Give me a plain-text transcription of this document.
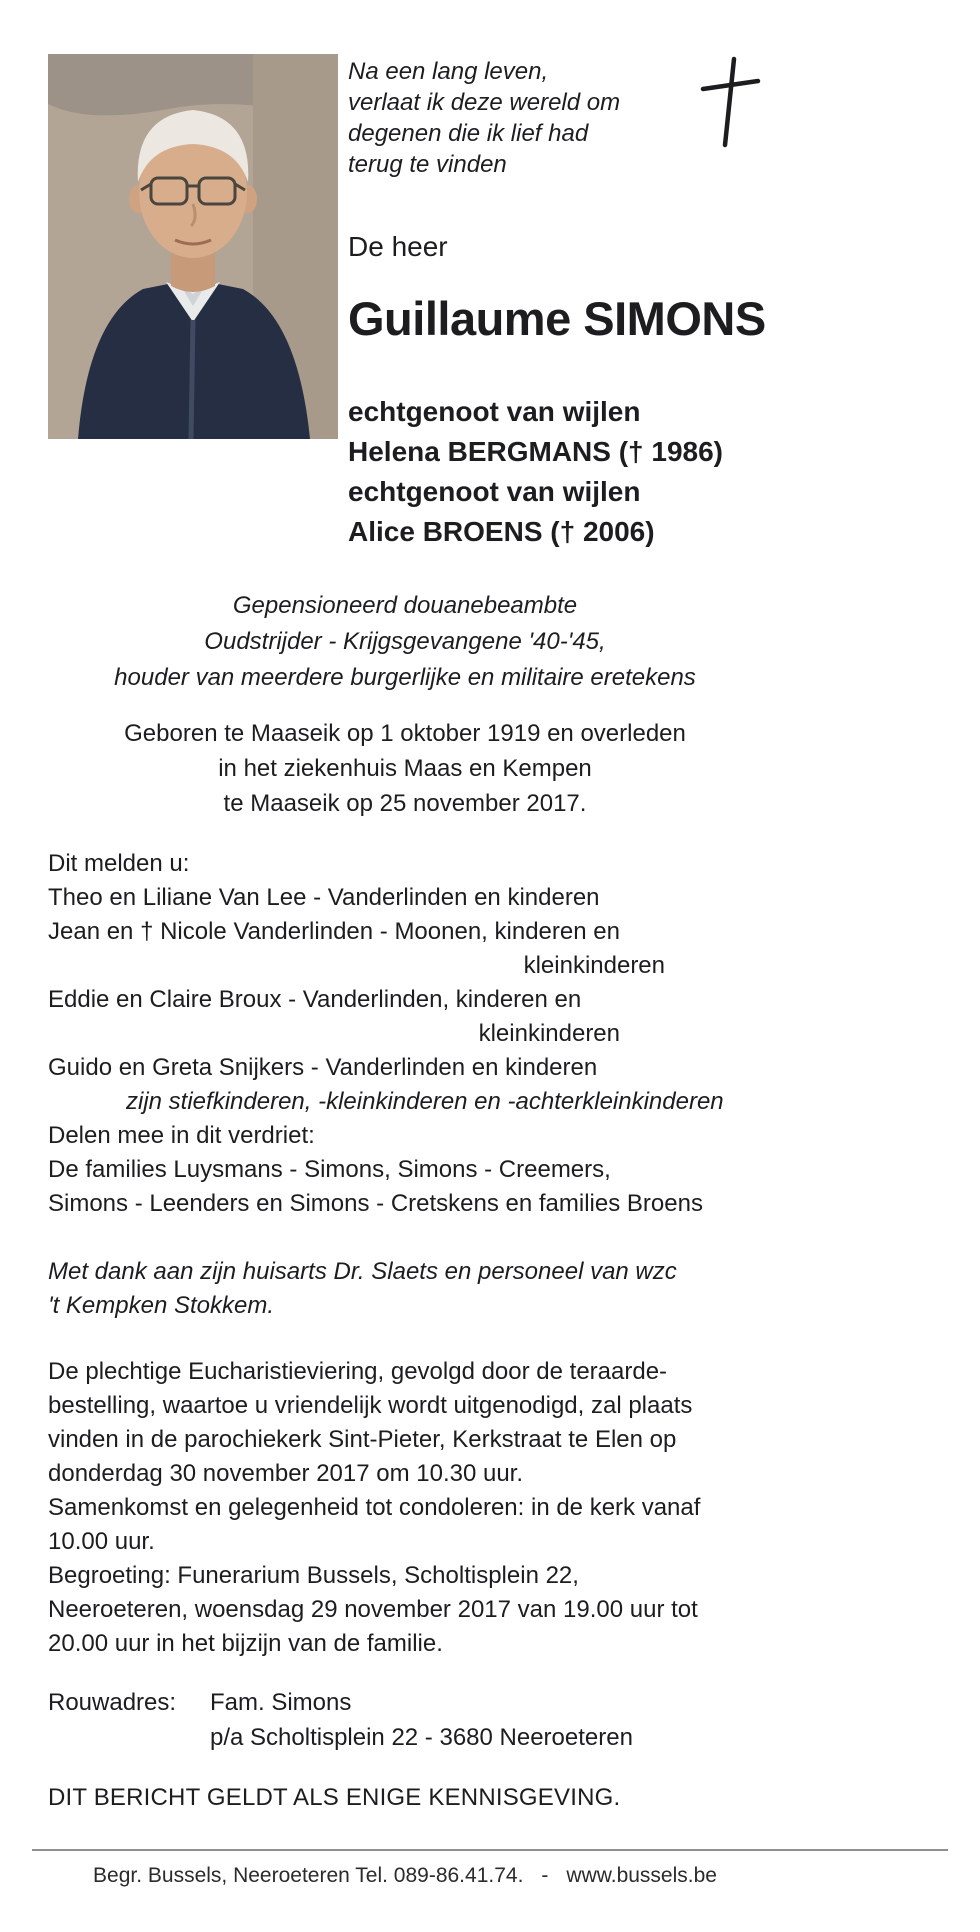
Na een lang leven,
verlaat ik deze wereld om
degenen die ik lief had
terug te vinden
De heer
Guillaume SIMONS
echtgenoot van wijlen
Helena BERGMANS († 1986)
echtgenoot van wijlen
Alice BROENS († 2006)
Gepensioneerd douanebeambte
Oudstrijder - Krijgsgevangene '40-'45,
houder van meerdere burgerlijke en militaire eretekens
Geboren te Maaseik op 1 oktober 1919 en overleden
in het ziekenhuis Maas en Kempen
te Maaseik op 25 november 2017.
Dit melden u:
Theo en Liliane Van Lee - Vanderlinden en kinderen
Jean en † Nicole Vanderlinden - Moonen, kinderen en
kleinkinderen
Eddie en Claire Broux - Vanderlinden, kinderen en
kleinkinderen
Guido en Greta Snijkers - Vanderlinden en kinderen
zijn stiefkinderen, -kleinkinderen en -achterkleinkinderen
Delen mee in dit verdriet:
De families Luysmans - Simons, Simons - Creemers,
Simons - Leenders en Simons - Cretskens en families Broens
Met dank aan zijn huisarts Dr. Slaets en personeel van wzc
't Kempken Stokkem.
De plechtige Eucharistieviering, gevolgd door de teraarde-
bestelling, waartoe u vriendelijk wordt uitgenodigd, zal plaats
vinden in de parochiekerk Sint-Pieter, Kerkstraat te Elen op
donderdag 30 november 2017 om 10.30 uur.
Samenkomst en gelegenheid tot condoleren: in de kerk vanaf
10.00 uur.
Begroeting: Funerarium Bussels, Scholtisplein 22,
Neeroeteren, woensdag 29 november 2017 van 19.00 uur tot
20.00 uur in het bijzijn van de familie.
Rouwadres:	Fam. Simons
p/a Scholtisplein 22 - 3680 Neeroeteren
DIT BERICHT GELDT ALS ENIGE KENNISGEVING.
Begr. Bussels, Neeroeteren Tel. 089-86.41.74. - www.bussels.be
